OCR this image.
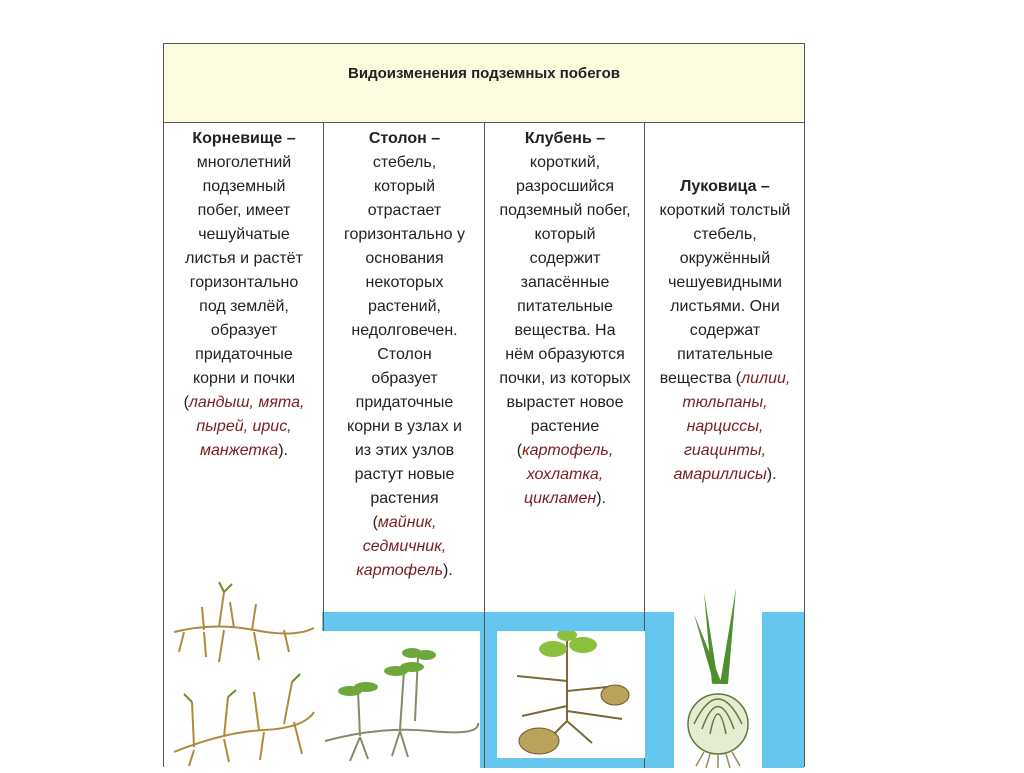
Видоизменения подземных побегов
Корневище –
многолетний подземный побег, имеет чешуйчатые листья и растёт горизонтально под землёй, образует придаточные корни и почки (ландыш, мята, пырей, ирис, манжетка).
Столон –
стебель, который отрастает горизонтально у основания некоторых растений, недолговечен. Столон образует придаточные корни в узлах и из этих узлов растут новые растения (майник, седмичник, картофель).
Клубень –
короткий, разросшийся подземный побег, который содержит запасённые питательные вещества. На нём образуются почки, из которых вырастет новое растение (картофель, хохлатка, цикламен).
Луковица –
короткий толстый стебель, окружённый чешуевидными листьями. Они содержат питательные вещества (лилии, тюльпаны, нарциссы, гиацинты, амариллисы).
